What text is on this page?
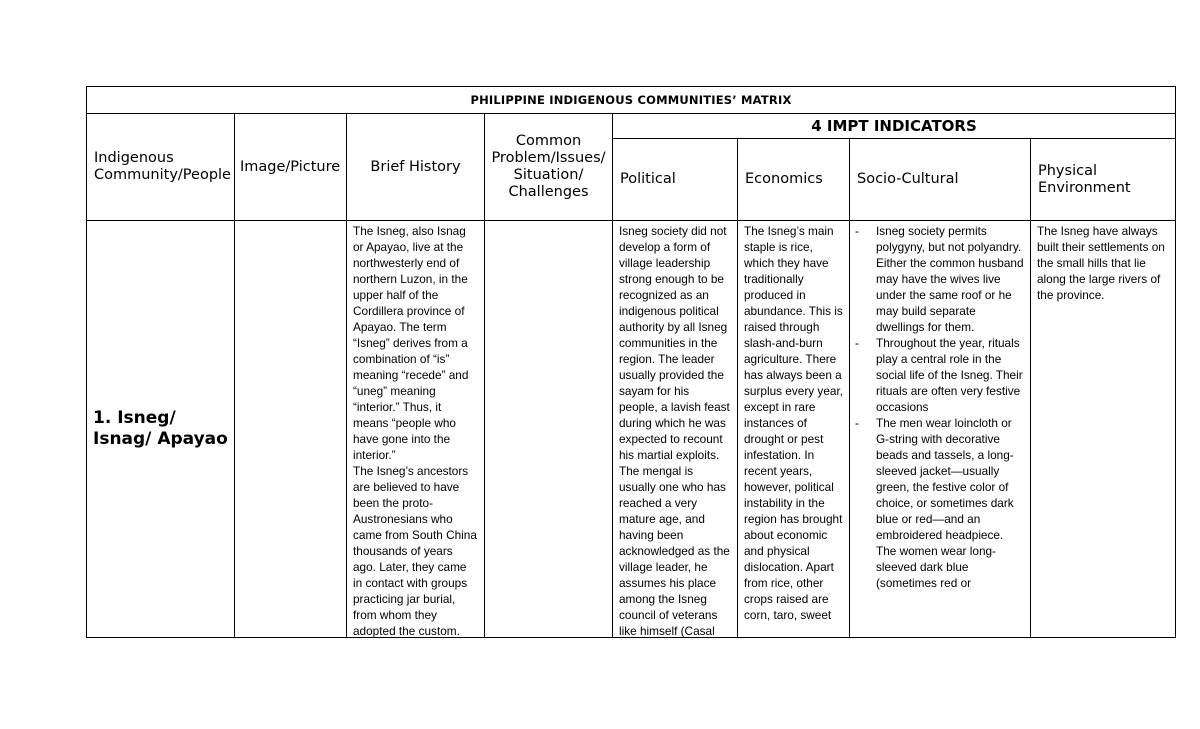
PHILIPPINE INDIGENOUS COMMUNITIES’ MATRIX
Indigenous Community/People
Image/Picture Brief History
Common Problem/Issues/ Situation/ Challenges
4 IMPT INDICATORS
Political	Economics Socio-Cultural
Physical Environment
1. Isneg/ Isnag/ Apayao

The Isneg, also Isnag or Apayao, live at the northwesterly end of northern Luzon, in the upper half of the Cordillera province of Apayao. The term “Isneg” derives from a combination of “is” meaning “recede” and “uneg” meaning “interior.” Thus, it means “people who have gone into the interior.”

The Isneg’s ancestors are believed to have been the proto-Austronesians who came from South China thousands of years ago. Later, they came in contact with groups practicing jar burial, from whom they adopted the custom.

Isneg society did not develop a form of village leadership strong enough to be recognized as an indigenous political authority by all Isneg communities in the region. The leader usually provided the sayam for his people, a lavish feast during which he was expected to recount his martial exploits. The mengal is usually one who has reached a very mature age, and having been acknowledged as the village leader, he assumes his place among the Isneg council of veterans like himself (Casal

The Isneg’s main staple is rice, which they have traditionally produced in abundance. This is raised through slash-and-burn agriculture. There has always been a surplus every year, except in rare instances of drought or pest infestation. In recent years, however, political instability in the region has brought about economic and physical dislocation. Apart from rice, other crops raised are corn, taro, sweet

- Isneg society permits polygyny, but not polyandry. Either the common husband may have the wives live under the same roof or he may build separate dwellings for them.
- Throughout the year, rituals play a central role in the social life of the Isneg. Their rituals are often very festive occasions
- The men wear loincloth or G-string with decorative beads and tassels, a long-sleeved jacket—usually green, the festive color of choice, or sometimes dark blue or red—and an embroidered headpiece. The women wear long-sleeved dark blue (sometimes red or

The Isneg have always built their settlements on the small hills that lie along the large rivers of the province.
